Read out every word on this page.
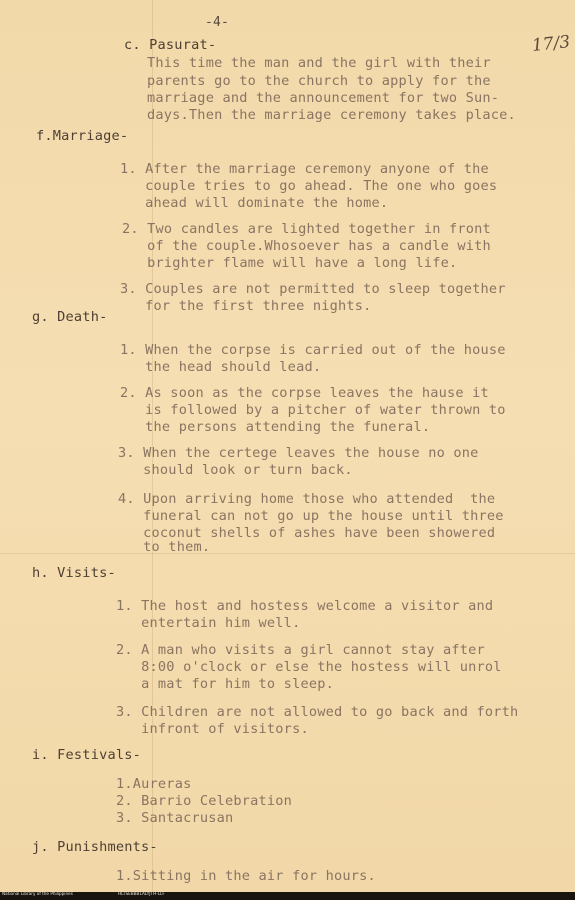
-4-
17/3
c. Pasurat-
This time the man and the girl with their
parents go to the church to apply for the
marriage and the announcement for two Sun-
days.Then the marriage ceremony takes place.
f.Marriage-
1. After the marriage ceremony anyone of the
couple tries to go ahead. The one who goes
ahead will dominate the home.
2. Two candles are lighted together in front
of the couple.Whosoever has a candle with
brighter flame will have a long life.
3. Couples are not permitted to sleep together
for the first three nights.
g. Death-
1. When the corpse is carried out of the house
the head should lead.
2. As soon as the corpse leaves the hause it
is followed by a pitcher of water thrown to
the persons attending the funeral.
3. When the certege leaves the house no one
should look or turn back.
4. Upon arriving home those who attended  the
funeral can not go up the house until three
coconut shells of ashes have been showered
to them.
h. Visits-
1. The host and hostess welcome a visitor and
entertain him well.
2. A man who visits a girl cannot stay after
8:00 o'clock or else the hostess will unrol
a mat for him to sleep.
3. Children are not allowed to go back and forth
infront of visitors.
i. Festivals-
1.Aureras
2. Barrio Celebration
3. Santacrusan
j. Punishments-
1.Sitting in the air for hours.
National Library of the Philippines	HLTSEBBB1ALYJTH-LLF
